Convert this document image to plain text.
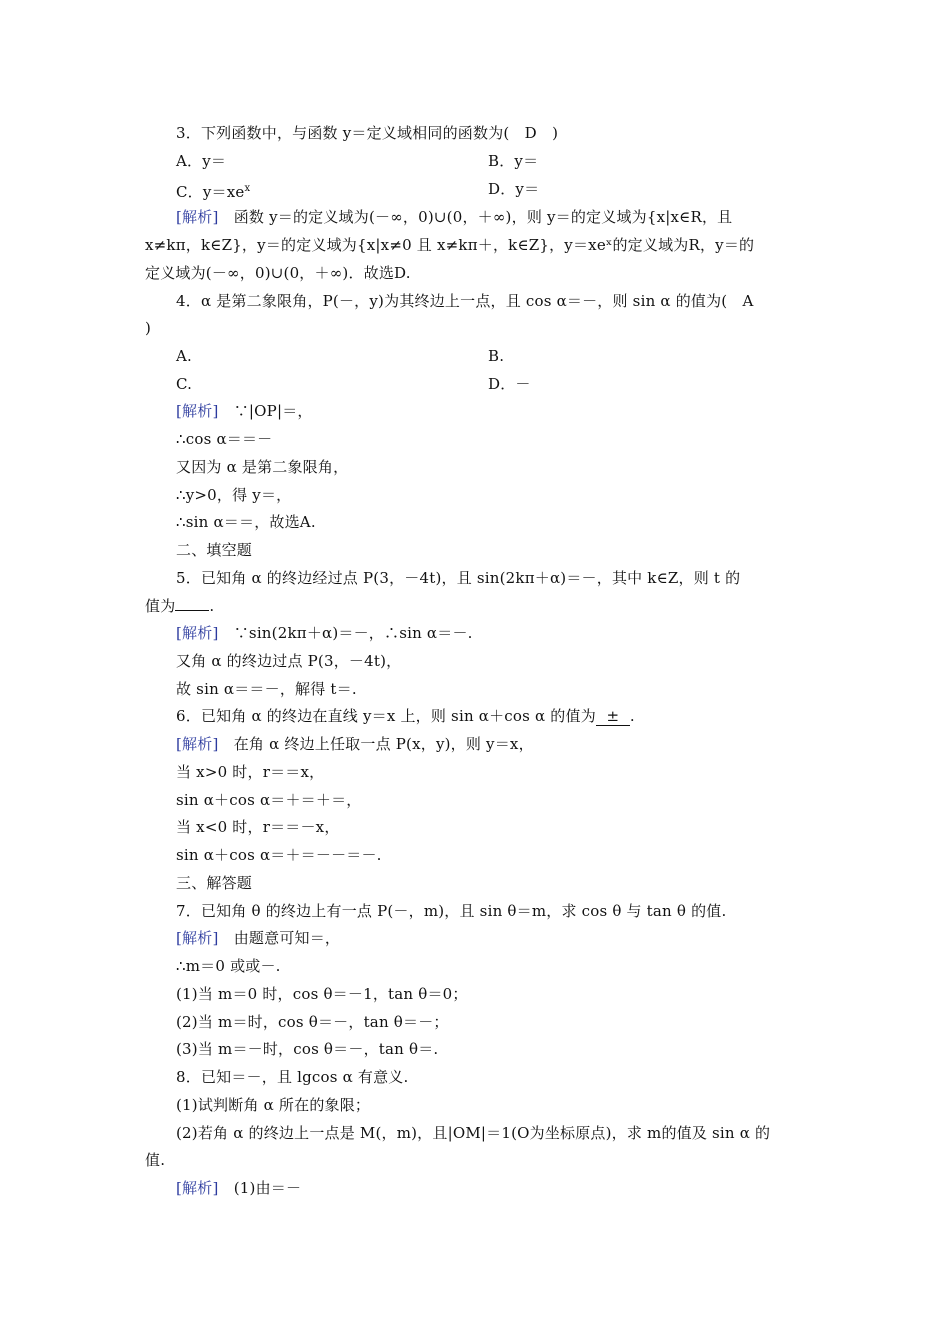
3．下列函数中，与函数 y＝定义域相同的函数为(　D　)
A．y＝	B．y＝
C．$y=xe^x$	D．y＝
[解析]　函数 y＝的定义域为(－∞，0)∪(0，＋∞)，则 y＝的定义域为{x|x∈R，且
x≠kπ，k∈Z}，y＝的定义域为{x|x≠0 且 x≠kπ＋，k∈Z}，y＝xeˣ的定义域为R，y＝的
定义域为(－∞，0)∪(0，＋∞)．故选D.
4．α 是第二象限角，P(－，y)为其终边上一点，且 cos α＝－，则 sin α 的值为(　A
)
A.	B.
C.	D．－
[解析]　∵|OP|＝，
∴cos α＝＝－
又因为 α 是第二象限角，
∴y>0，得 y＝，
∴sin α＝＝，故选A.
二、填空题
5．已知角 α 的终边经过点 P(3，－4t)，且 sin(2kπ＋α)＝－，其中 k∈Z，则 t 的
值为 .
[解析]　∵sin(2kπ＋α)＝－，∴sin α＝－.
又角 α 的终边过点 P(3，－4t)，
故 sin α＝＝－，解得 t＝.
6．已知角 α 的终边在直线 y＝x 上，则 sin α＋cos α 的值为 ± .
[解析]　在角 α 终边上任取一点 P(x，y)，则 y＝x，
当 x>0 时，r＝＝x，
sin α＋cos α＝＋＝＋＝，
当 x<0 时，r＝＝－x，
sin α＋cos α＝＋＝－－＝－.
三、解答题
7．已知角 θ 的终边上有一点 P(－，m)，且 sin θ＝m，求 cos θ 与 tan θ 的值.
[解析]　由题意可知＝，
∴m＝0 或或－.
(1)当 m＝0 时，cos θ＝－1，tan θ＝0；
(2)当 m＝时，cos θ＝－，tan θ＝－；
(3)当 m＝－时，cos θ＝－，tan θ＝.
8．已知＝－，且 lgcos α 有意义.
(1)试判断角 α 所在的象限；
(2)若角 α 的终边上一点是 M(，m)，且|OM|＝1(O为坐标原点)，求 m的值及 sin α 的
值.
[解析]　(1)由＝－
